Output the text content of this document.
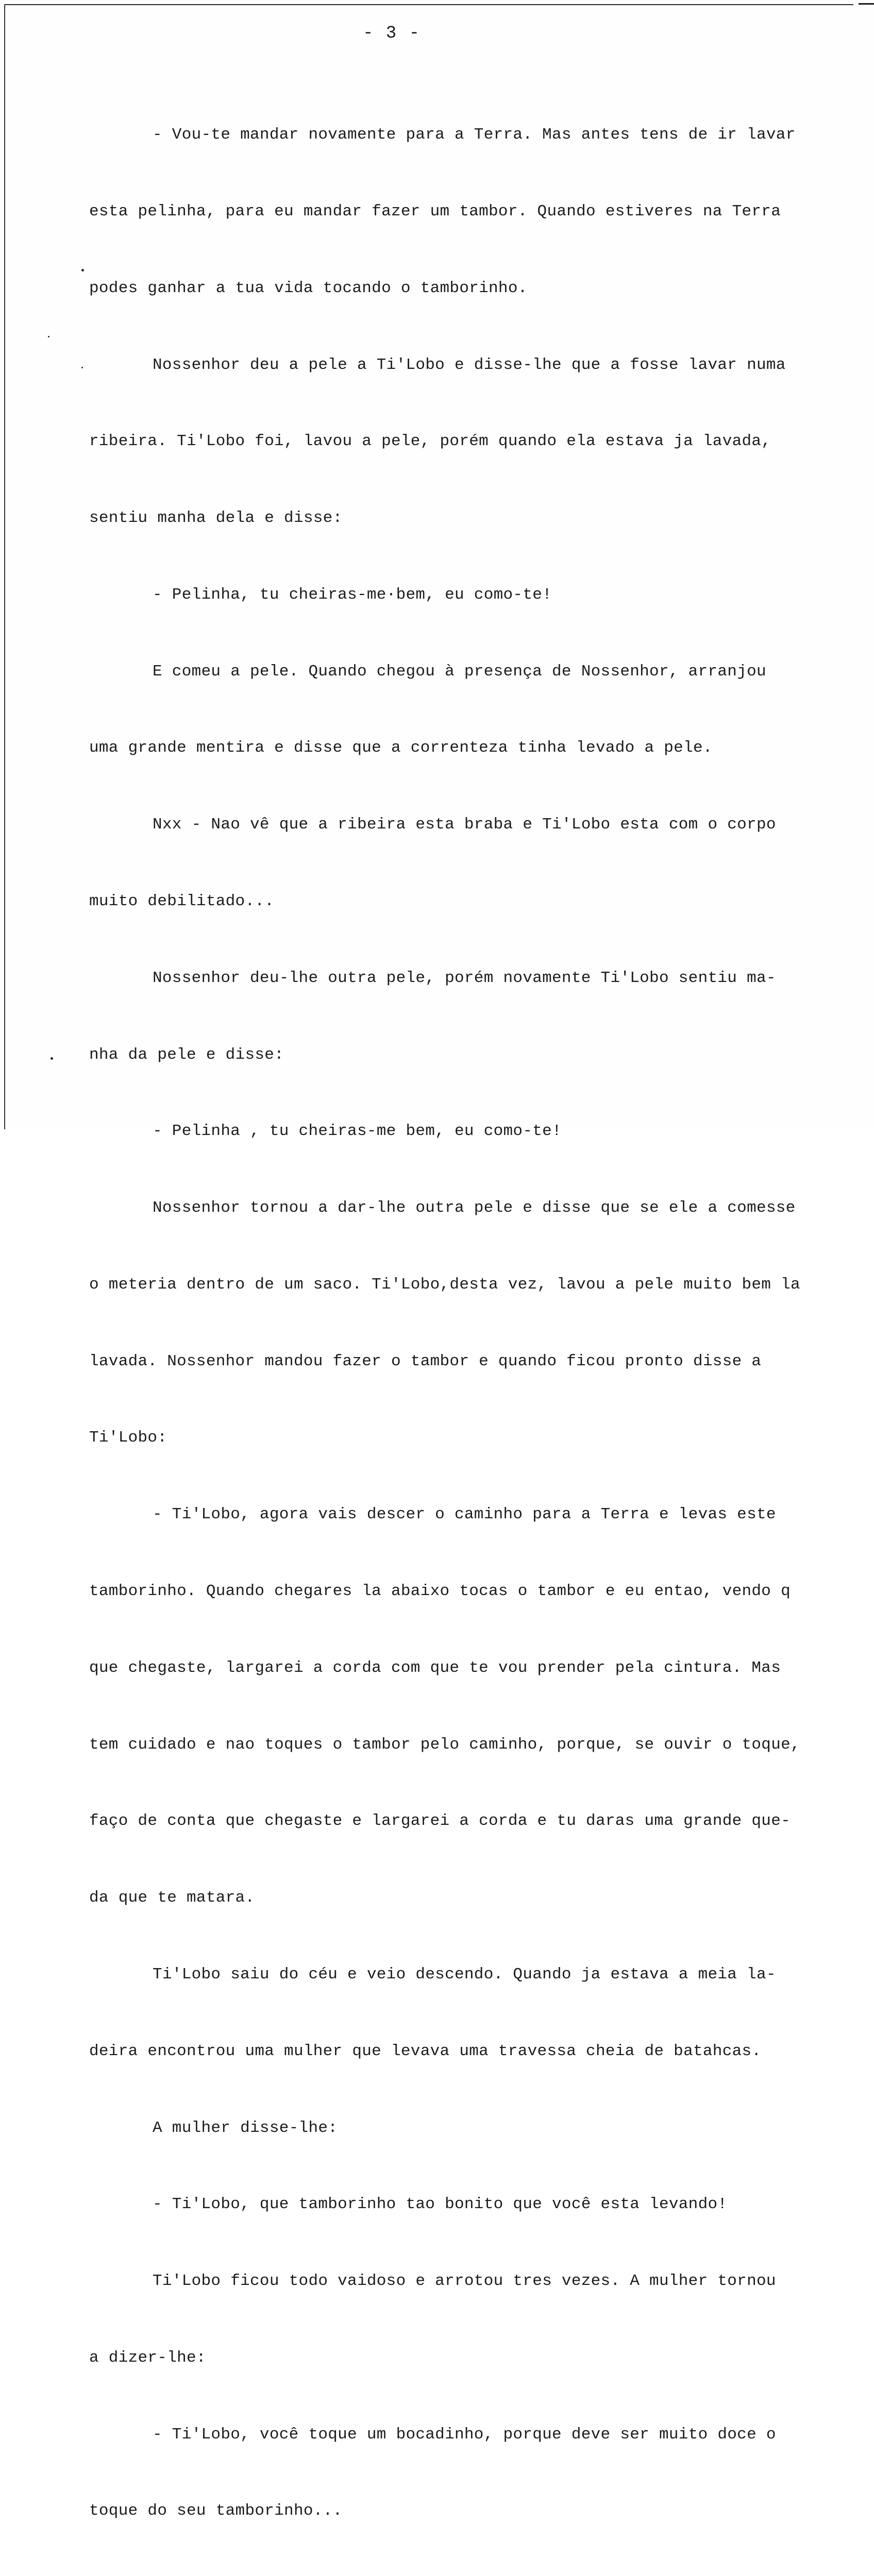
- 3 -

- Vou-te mandar novamente para a Terra. Mas antes tens de ir lavar

esta pelinha, para eu mandar fazer um tambor. Quando estiveres na Terra

podes ganhar a tua vida tocando o tamborinho.

Nossenhor deu a pele a Ti'Lobo e disse-lhe que a fosse lavar numa

ribeira. Ti'Lobo foi, lavou a pele, porém quando ela estava ja lavada,

sentiu manha dela e disse:

- Pelinha, tu cheiras-me·bem, eu como-te!

E comeu a pele. Quando chegou à presença de Nossenhor, arranjou

uma grande mentira e disse que a correnteza tinha levado a pele.

Nxx - Nao vê que a ribeira esta braba e Ti'Lobo esta com o corpo

muito debilitado...

Nossenhor deu-lhe outra pele, porém novamente Ti'Lobo sentiu ma-

nha da pele e disse:

- Pelinha , tu cheiras-me bem, eu como-te!

Nossenhor tornou a dar-lhe outra pele e disse que se ele a comesse

o meteria dentro de um saco. Ti'Lobo,desta vez, lavou a pele muito bem la

lavada. Nossenhor mandou fazer o tambor e quando ficou pronto disse a

Ti'Lobo:

- Ti'Lobo, agora vais descer o caminho para a Terra e levas este

tamborinho. Quando chegares la abaixo tocas o tambor e eu entao, vendo q

que chegaste, largarei a corda com que te vou prender pela cintura. Mas

tem cuidado e nao toques o tambor pelo caminho, porque, se ouvir o toque,

faço de conta que chegaste e largarei a corda e tu daras uma grande que-

da que te matara.

Ti'Lobo saiu do céu e veio descendo. Quando ja estava a meia la-

deira encontrou uma mulher que levava uma travessa cheia de batahcas.

A mulher disse-lhe:

- Ti'Lobo, que tamborinho tao bonito que você esta levando!

Ti'Lobo ficou todo vaidoso e arrotou tres vezes. A mulher tornou

a dizer-lhe:

- Ti'Lobo, você toque um bocadinho, porque deve ser muito doce o

toque do seu tamborinho...
